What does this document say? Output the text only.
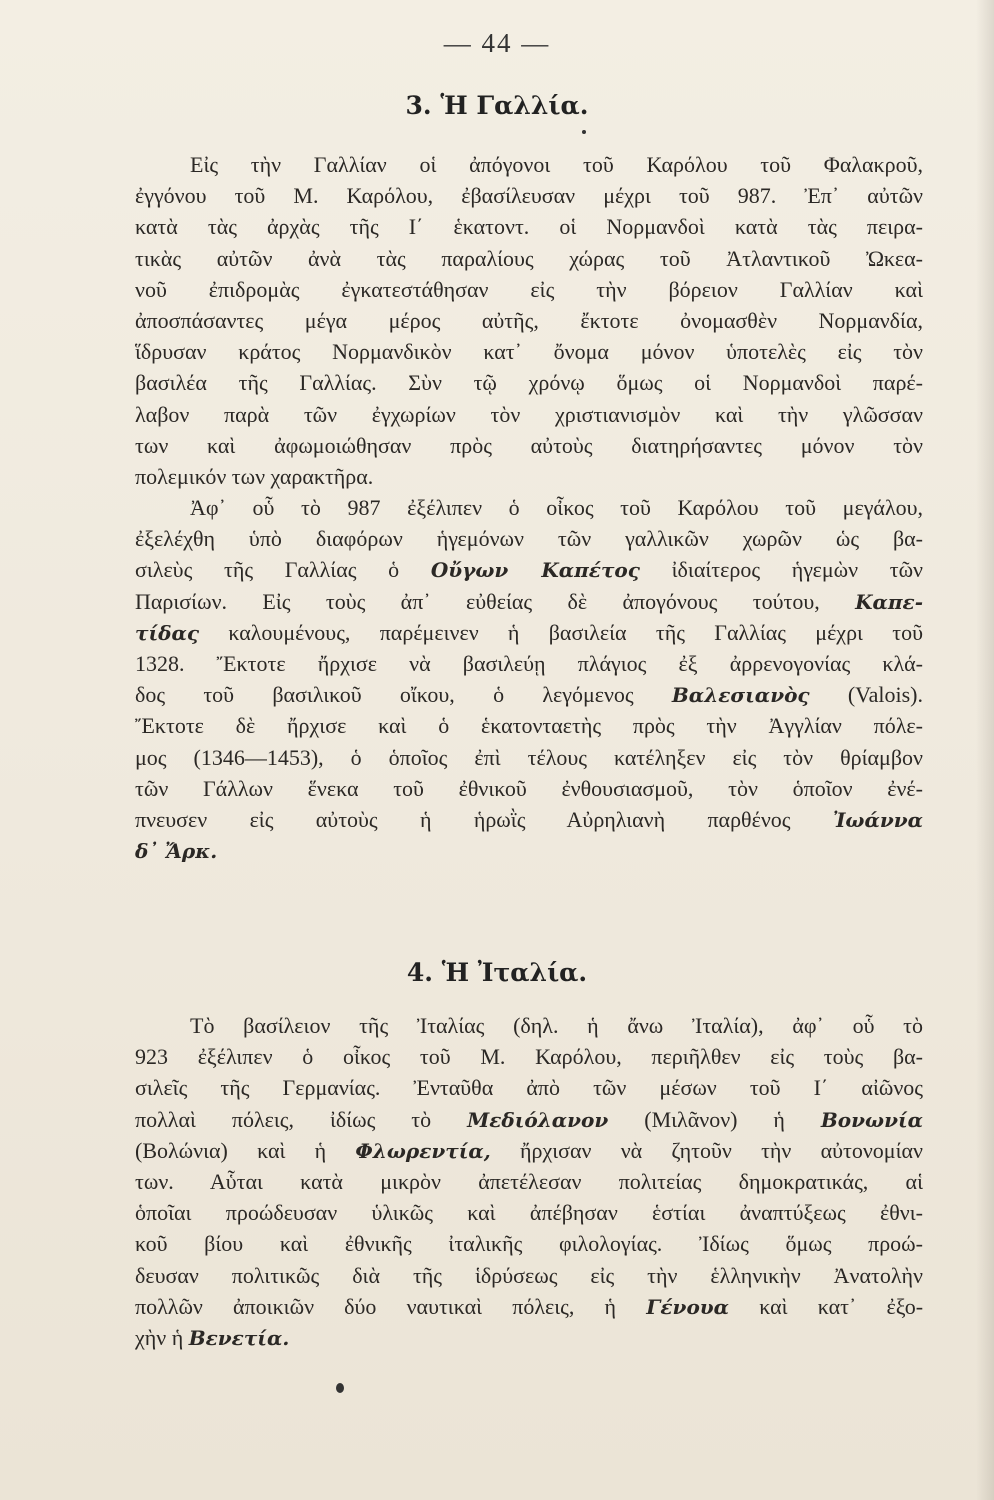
— 44 —
3. Ἡ Γαλλία.
Εἰς τὴν Γαλλίαν οἱ ἀπόγονοι τοῦ Καρόλου τοῦ Φαλακροῦ,
ἐγγόνου τοῦ Μ. Καρόλου, ἐβασίλευσαν μέχρι τοῦ 987. Ἐπ᾽ αὐτῶν
κατὰ τὰς ἀρχὰς τῆς Ι΄ ἑκατοντ. οἱ Νορμανδοὶ κατὰ τὰς πειρα-
τικὰς αὐτῶν ἀνὰ τὰς παραλίους χώρας τοῦ Ἀτλαντικοῦ Ὠκεα-
νοῦ ἐπιδρομὰς ἐγκατεστάθησαν εἰς τὴν βόρειον Γαλλίαν καὶ
ἀποσπάσαντες μέγα μέρος αὐτῆς, ἔκτοτε ὀνομασθὲν Νορμανδία,
ἵδρυσαν κράτος Νορμανδικὸν κατ᾽ ὄνομα μόνον ὑποτελὲς εἰς τὸν
βασιλέα τῆς Γαλλίας. Σὺν τῷ χρόνῳ ὅμως οἱ Νορμανδοὶ παρέ-
λαβον παρὰ τῶν ἐγχωρίων τὸν χριστιανισμὸν καὶ τὴν γλῶσσαν
των καὶ ἀφωμοιώθησαν πρὸς αὐτοὺς διατηρήσαντες μόνον τὸν
πολεμικόν των χαρακτῆρα.
Ἀφ᾽ οὗ τὸ 987 ἐξέλιπεν ὁ οἶκος τοῦ Καρόλου τοῦ μεγάλου,
ἐξελέχθη ὑπὸ διαφόρων ἡγεμόνων τῶν γαλλικῶν χωρῶν ὡς βα-
σιλεὺς τῆς Γαλλίας ὁ Οὔγων Καπέτος ἰδιαίτερος ἡγεμὼν τῶν
Παρισίων. Εἰς τοὺς ἀπ᾽ εὐθείας δὲ ἀπογόνους τούτου, Καπε-
τίδας καλουμένους, παρέμεινεν ἡ βασιλεία τῆς Γαλλίας μέχρι τοῦ
1328. Ἔκτοτε ἤρχισε νὰ βασιλεύῃ πλάγιος ἐξ ἀρρενογονίας κλά-
δος τοῦ βασιλικοῦ οἴκου, ὁ λεγόμενος Βαλεσιανὸς (Valois).
Ἔκτοτε δὲ ἤρχισε καὶ ὁ ἑκατονταετὴς πρὸς τὴν Ἀγγλίαν πόλε-
μος (1346—1453), ὁ ὁποῖος ἐπὶ τέλους κατέληξεν εἰς τὸν θρίαμβον
τῶν Γάλλων ἕνεκα τοῦ ἐθνικοῦ ἐνθουσιασμοῦ, τὸν ὁποῖον ἐνέ-
πνευσεν εἰς αὐτοὺς ἡ ἡρωῒς Αὐρηλιανὴ παρθένος Ἰωάννα
δ᾽ Ἄρκ.
4. Ἡ Ἰταλία.
Τὸ βασίλειον τῆς Ἰταλίας (δηλ. ἡ ἄνω Ἰταλία), ἀφ᾽ οὗ τὸ
923 ἐξέλιπεν ὁ οἶκος τοῦ Μ. Καρόλου, περιῆλθεν εἰς τοὺς βα-
σιλεῖς τῆς Γερμανίας. Ἐνταῦθα ἀπὸ τῶν μέσων τοῦ Ι΄ αἰῶνος
πολλαὶ πόλεις, ἰδίως τὸ Μεδιόλανον (Μιλᾶνον) ἡ Βονωνία
(Βολώνια) καὶ ἡ Φλωρεντία, ἤρχισαν νὰ ζητοῦν τὴν αὐτονομίαν
των. Αὗται κατὰ μικρὸν ἀπετέλεσαν πολιτείας δημοκρατικάς, αἱ
ὁποῖαι προώδευσαν ὑλικῶς καὶ ἀπέβησαν ἑστίαι ἀναπτύξεως ἐθνι-
κοῦ βίου καὶ ἐθνικῆς ἰταλικῆς φιλολογίας. Ἰδίως ὅμως προώ-
δευσαν πολιτικῶς διὰ τῆς ἱδρύσεως εἰς τὴν ἑλληνικὴν Ἀνατολὴν
πολλῶν ἀποικιῶν δύο ναυτικαὶ πόλεις, ἡ Γένουα καὶ κατ᾽ ἐξο-
χὴν ἡ Βενετία.
